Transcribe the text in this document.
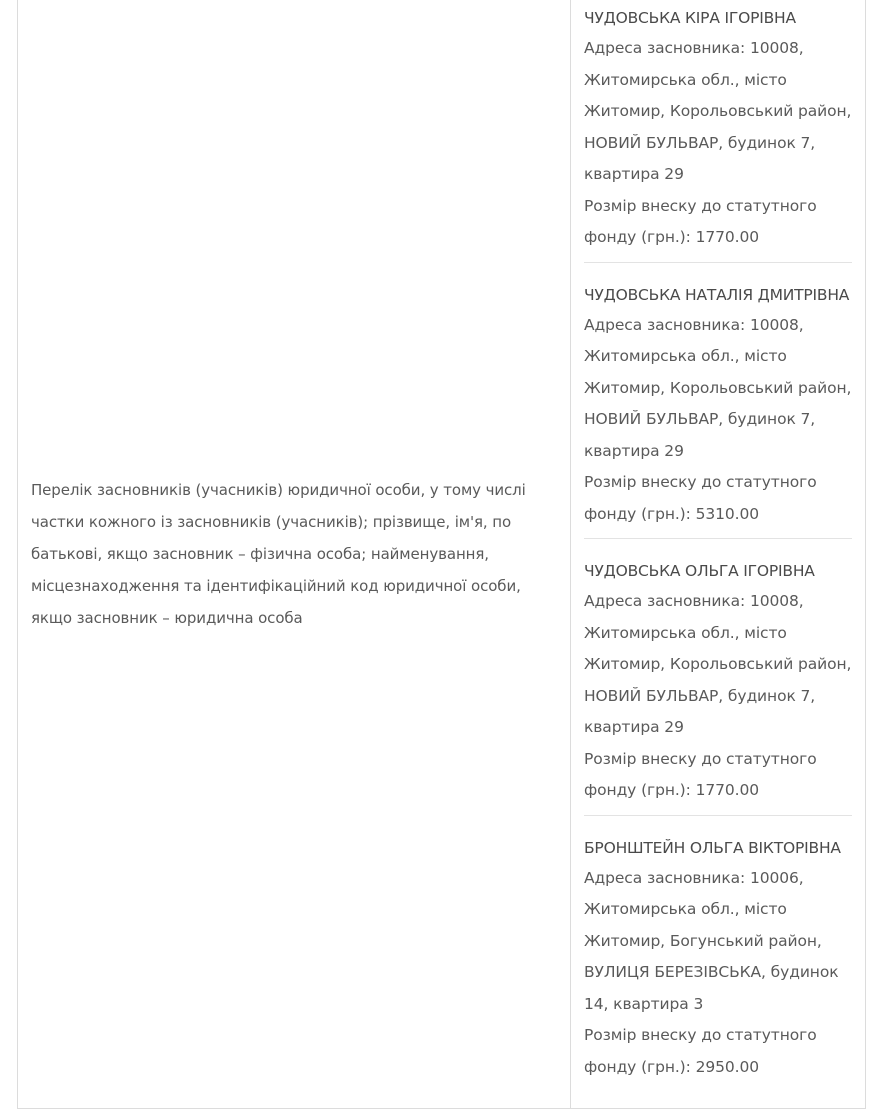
Перелік засновників (учасників) юридичної особи, у тому числі частки кожного із засновників (учасників); прізвище, ім'я, по батькові, якщо засновник – фізична особа; найменування, місцезнаходження та ідентифікаційний код юридичної особи, якщо засновник – юридична особа

ЧУДОВСЬКА КІРА ІГОРІВНА
Адреса засновника: 10008, Житомирська обл., місто Житомир, Корольовський район, НОВИЙ БУЛЬВАР, будинок 7, квартира 29
Розмір внеску до статутного фонду (грн.): 1770.00
ЧУДОВСЬКА НАТАЛІЯ ДМИТРІВНА
Адреса засновника: 10008, Житомирська обл., місто Житомир, Корольовський район, НОВИЙ БУЛЬВАР, будинок 7, квартира 29
Розмір внеску до статутного фонду (грн.): 5310.00
ЧУДОВСЬКА ОЛЬГА ІГОРІВНА
Адреса засновника: 10008, Житомирська обл., місто Житомир, Корольовський район, НОВИЙ БУЛЬВАР, будинок 7, квартира 29
Розмір внеску до статутного фонду (грн.): 1770.00
БРОНШТЕЙН ОЛЬГА ВІКТОРІВНА
Адреса засновника: 10006, Житомирська обл., місто Житомир, Богунський район, ВУЛИЦЯ БЕРЕЗІВСЬКА, будинок 14, квартира 3
Розмір внеску до статутного фонду (грн.): 2950.00
